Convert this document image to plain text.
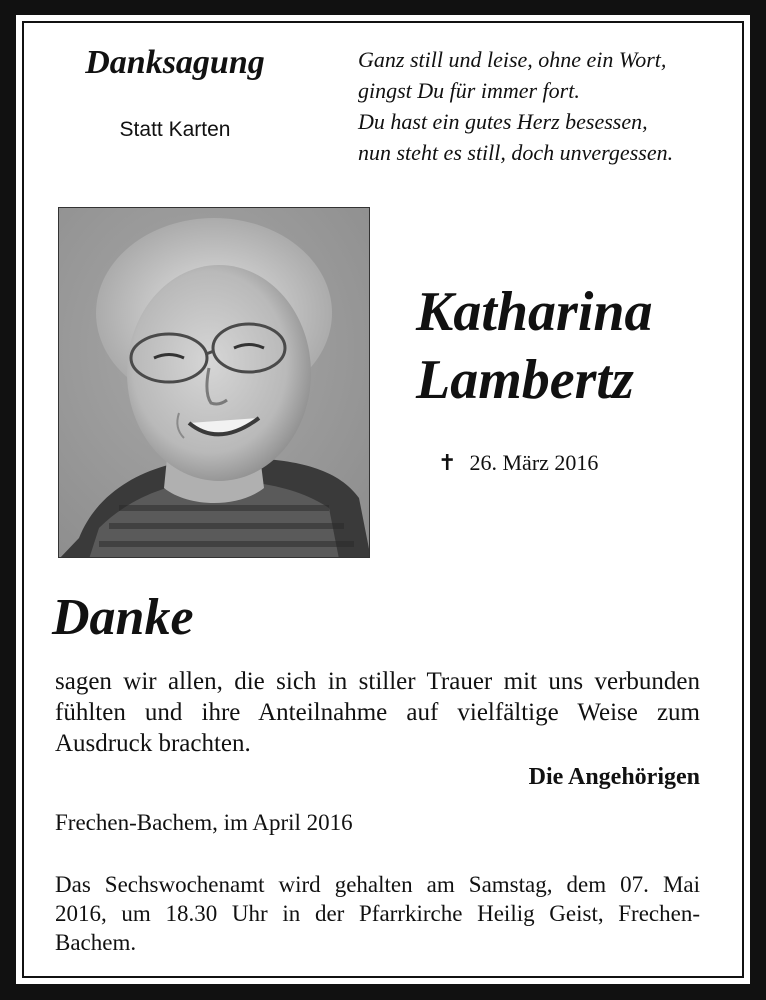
Danksagung
Statt Karten
Ganz still und leise, ohne ein Wort,
gingst Du für immer fort.
Du hast ein gutes Herz besessen,
nun steht es still, doch unvergessen.
Katharina
Lambertz
✝ 26. März 2016
Danke

sagen wir allen, die sich in stiller Trauer mit uns verbunden fühlten und ihre Anteilnahme auf vielfältige Weise zum Ausdruck brachten.

Die Angehörigen
Frechen-Bachem, im April 2016

Das Sechswochenamt wird gehalten am Samstag, dem 07. Mai 2016, um 18.30 Uhr in der Pfarrkirche Heilig Geist, Frechen-Bachem.
